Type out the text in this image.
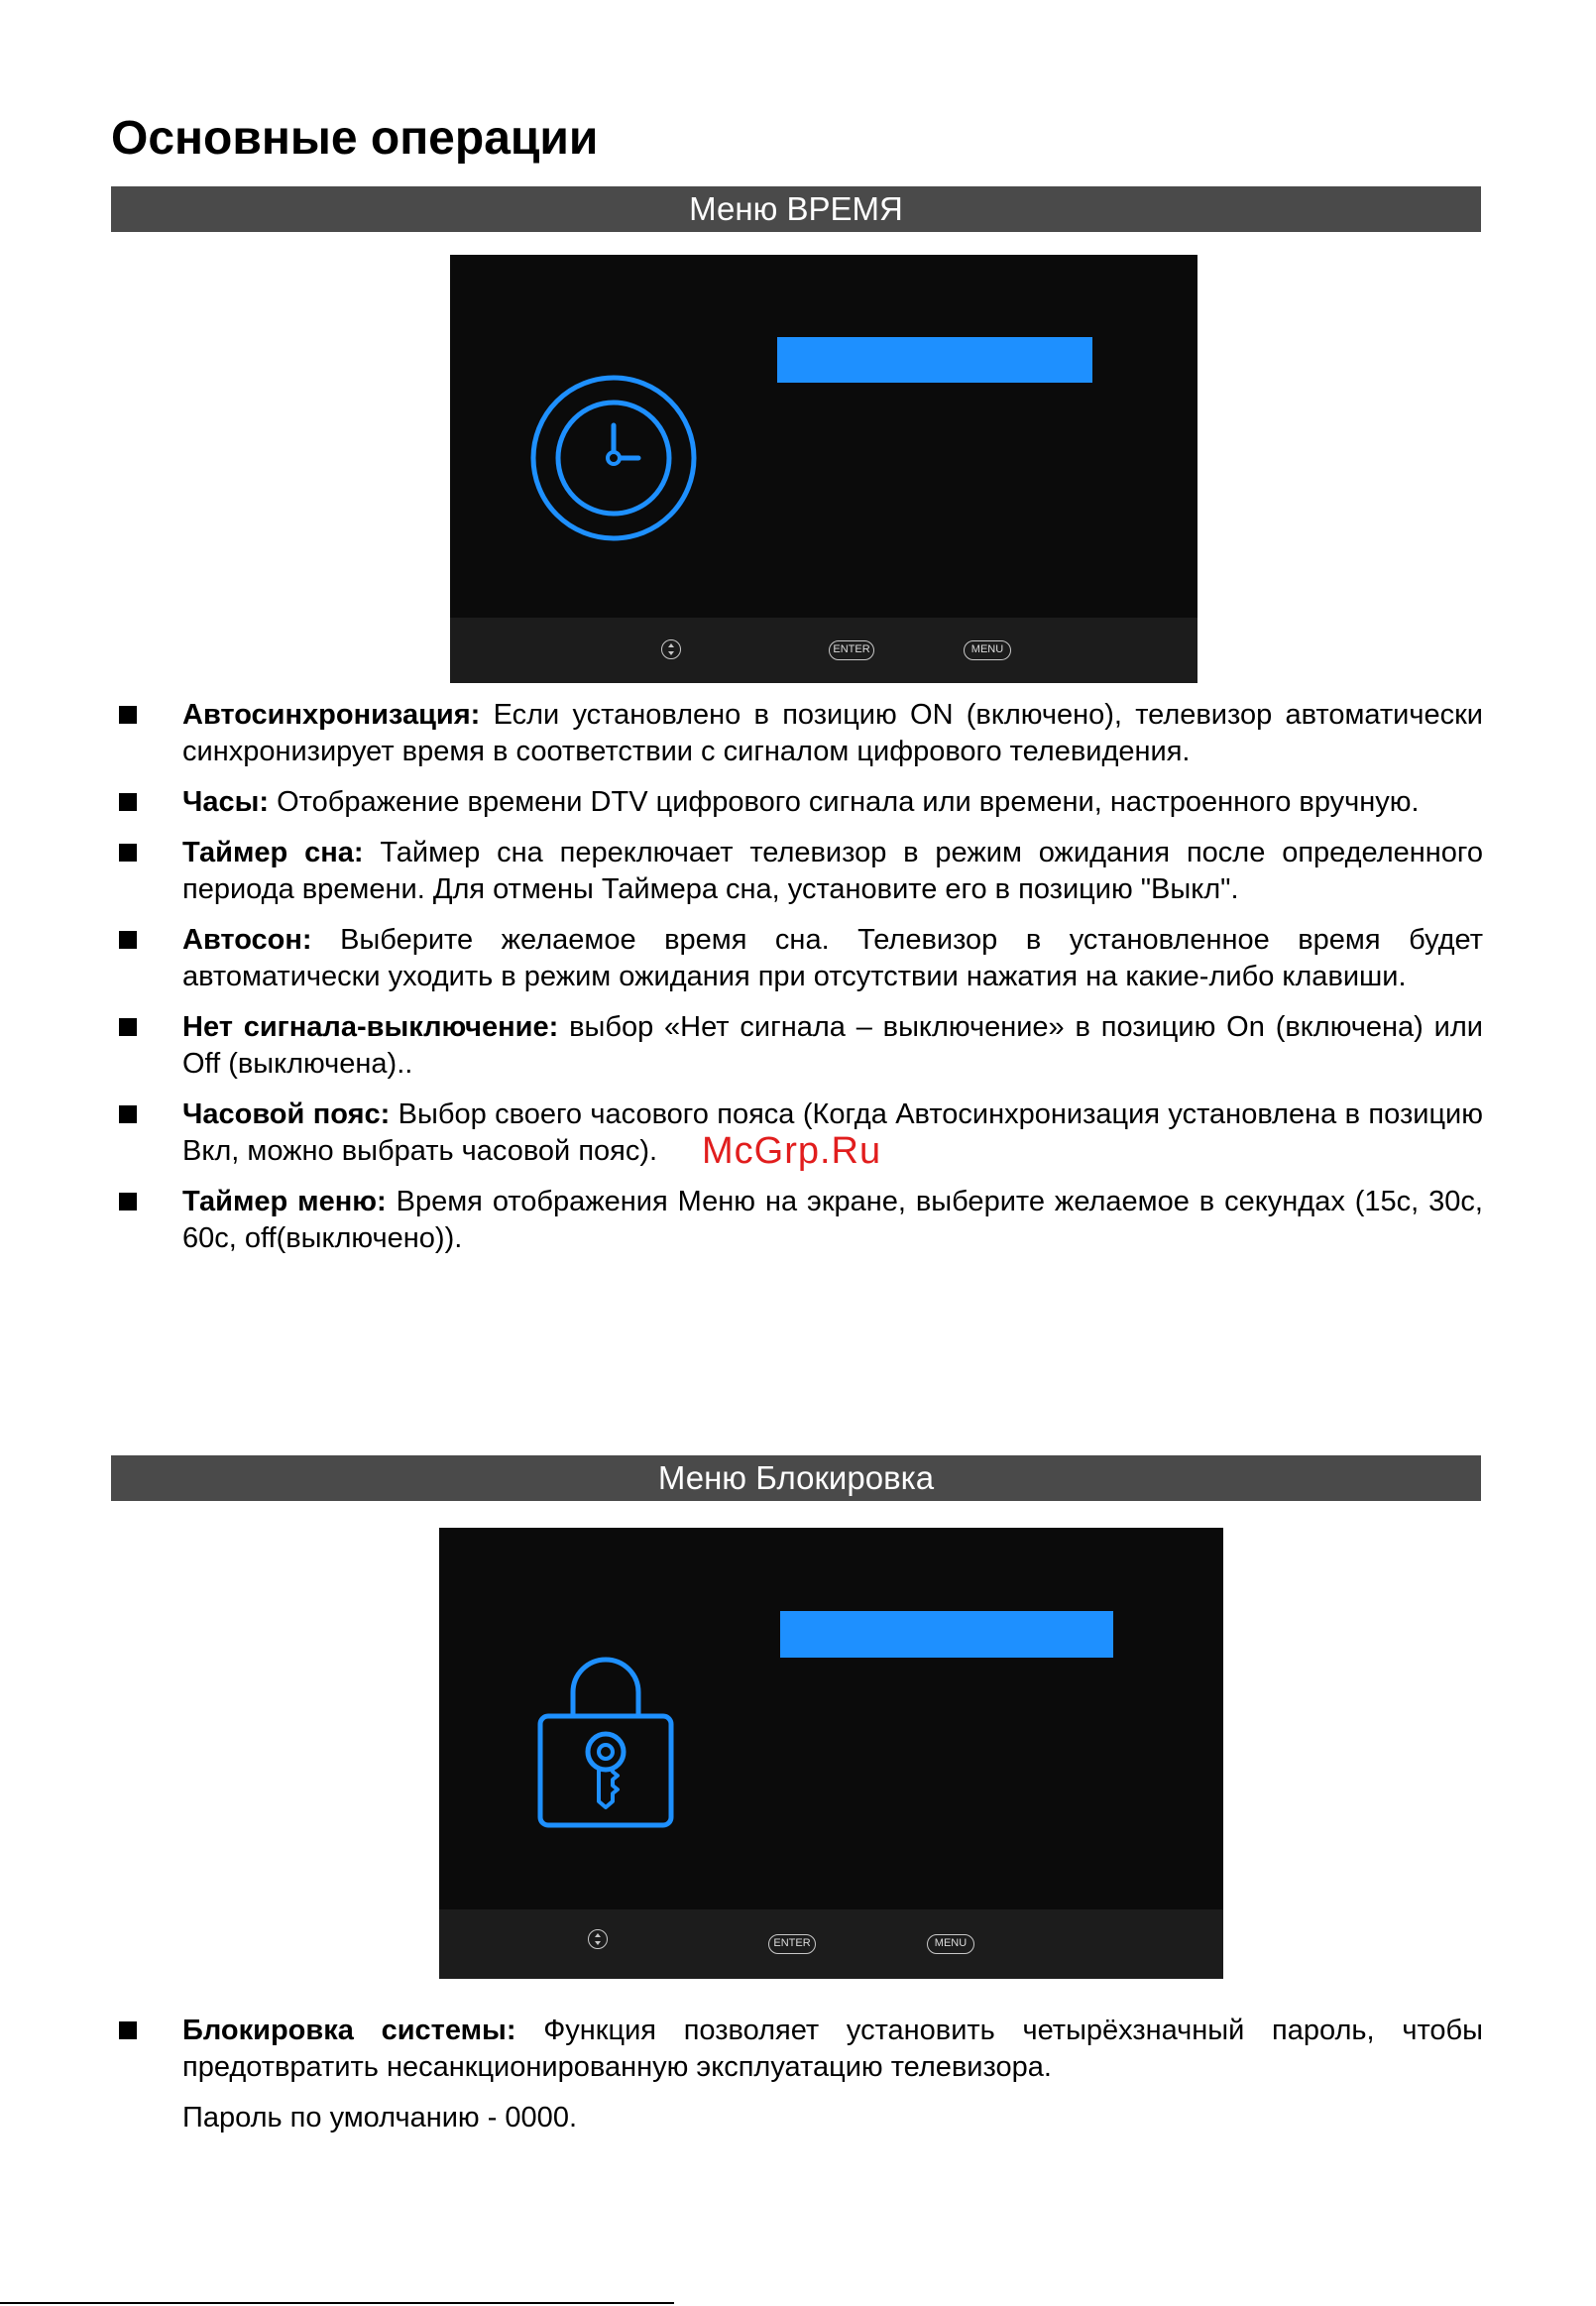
Основные операции
Меню ВРЕМЯ
ENTER	MENU
Автосинхронизация: Если установлено в позицию ON (включено), телевизор автоматически синхронизирует время в соответствии с сигналом цифрового телевидения.
Часы: Отображение времени DTV цифрового сигнала или времени, настроенного вручную.
Таймер сна: Таймер сна переключает телевизор в режим ожидания после определенного периода времени. Для отмены Таймера сна, установите его в позицию "Выкл".
Автосон: Выберите желаемое время сна. Телевизор в установленное время будет автоматически уходить в режим ожидания при отсутствии нажатия на какие-либо клавиши.
Нет сигнала-выключение: выбор «Нет сигнала – выключение» в позицию On (включена) или Off (выключена)..
Часовой пояс: Выбор своего часового пояса (Когда Автосинхронизация установлена в позицию Вкл, можно выбрать часовой пояс).
Таймер меню: Время отображения Меню на экране, выберите желаемое в секундах (15с, 30с, 60с, off(выключено)).
McGrp.Ru
Меню Блокировка
ENTER	MENU
Блокировка системы: Функция позволяет установить четырёхзначный пароль, чтобы предотвратить несанкционированную эксплуатацию телевизора.
Пароль по умолчанию - 0000.
